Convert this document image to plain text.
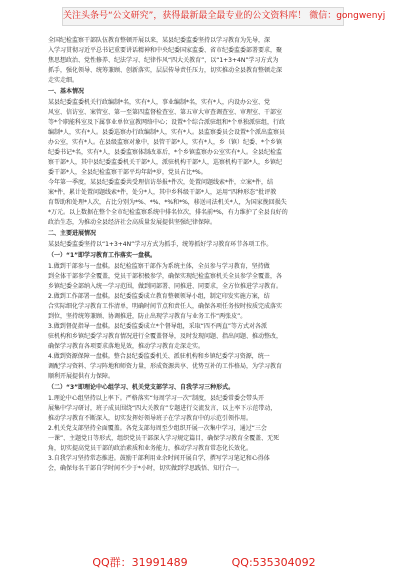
关注头条号“公文研究”，获得最新最全最专业的公文资料库！ 微信：gongwenyj

全国纪检监察干部队伍教育整顿开展以来，某县纪委监委坚持以学习教育为先导，深

入学习贯彻习近平总书记重要讲话精神和中央纪委国家监委、省市纪委监委部署要求，聚

焦思想政治、党性修养、纪法学习、纪律作风“四大关教育”，以“1+3+4N”学习方式为

抓手，强化领导、统筹兼顾、创新落实，层层传导责任压力，切实推动全县教育整顿走深

走实走细。

一、基本情况

某县纪委监委机关行政编制*名，实有*人，事业编制*名，实有*人，内设办公室、党

风室、信访室、案管室、第一至第四监督检查室、第五审大审查调查室、审理室、干部室

等*个职能科室及下属事业单位宣教网络中心；设置*个综合派驻组和*个单独派驻组，行政

编制*人，实有*人。县委巡察办行政编制*人，实有*人。县监察委员会设置*个派出监察员

办公室，实有*人。在县级监察对象中，县管干部*人，实有*人，乡（镇）纪委、*个乡镇

纪委书记*名，实有*人，县委监察体制改革后，*个乡镇监察办公室实有*人。全县纪检监

察干部*人，其中县纪委监委机关干部*人，派驻机构干部*人，巡察机构干部*人，乡镇纪

委干部*人，全县纪检监察干部平均年龄*岁，党员占比*%。

今年第一季度，某县纪委监委共受理信访举报*件次，处置问题线索*件，立案*件，结

案*件，累计处置问题线索*件，处分*人，其中乡科级干部*人，运用“四种形态”批评教

育帮助和处理*人次，占比分别为*%、*%、*%和*%，移送司法机关*人，为国家挽回损失

*万元。以上数据在整个全市纪检监察系统中排名位次，排名前*%，有力维护了全县良好的

政治生态，为推动全县经济社会高质量发展提供坚强纪律保障。

二、主要进展情况

某县纪委监委坚持以“1+3+4N”学习方式为抓手，统筹抓好学习教育环节各项工作。

（一）“1”即学习教育工作落实一盘棋。

1.做到干部参与一盘棋。县纪检监察干部作为系统主体，全员参与学习教育，坚持做

到全体干部参学全覆盖，党员干部积极参学，确保实现纪检监察机关全员参学全覆盖，各

乡镇纪委全部纳入统一学习范围，做到同部署、同推进、同要求，全方位推进学习教育。

2.做到工作部署一盘棋。县纪委监委成立教育整顿领导小组，制定印发实施方案，结

合实际细化学习教育工作清单，明确时间节点和责任人，确保各项任务按时按质完成落实

到位，坚持统筹兼顾、协调推进，防止出现学习教育与业务工作“两张皮”。

3.做到督促指导一盘棋。县纪委监委成立*个督导组，采取“四不两直”等方式对各派

驻机构和乡镇纪委学习教育情况进行全覆盖督导，及时发现问题、指出问题、推动整改，

确保学习教育各项要求落地见效，推动学习教育走深走实。

4.做到资源保障一盘棋。整合县纪委监委机关、派驻机构和乡镇纪委学习资源，统一

调配学习资料、学习阵地和师资力量，形成资源共享、优势互补的工作格局，为学习教育

顺利开展提供有力保障。

（二）“3”即理论中心组学习、机关党支部学习、自我学习三种形式。

1.理论中心组坚持以上率下。严格落实“每周学习一次”制度，县纪委常委会带头开

展集中学习研讨，班子成员围绕“四大关教育”专题进行交流发言，以上率下示范带动，

推动学习教育不断深入，切实发挥好领导班子在学习教育中的示范引领作用。

2.机关党支部坚持全面覆盖。各党支部每周至少组织开展一次集中学习，通过“三会

一课”、主题党日等形式，组织党员干部深入学习规定篇目，确保学习教育全覆盖、无死

角，切实提高党员干部的政治素质和业务能力，推动学习教育常态化长效化。

3.自我学习坚持常态推进。鼓励干部利用业余时间开展自学，撰写学习笔记和心得体

会，确保每名干部自学时间不少于*小时，切实做到学思践悟、知行合一。

QQ群：31991489	QQ:535304092
